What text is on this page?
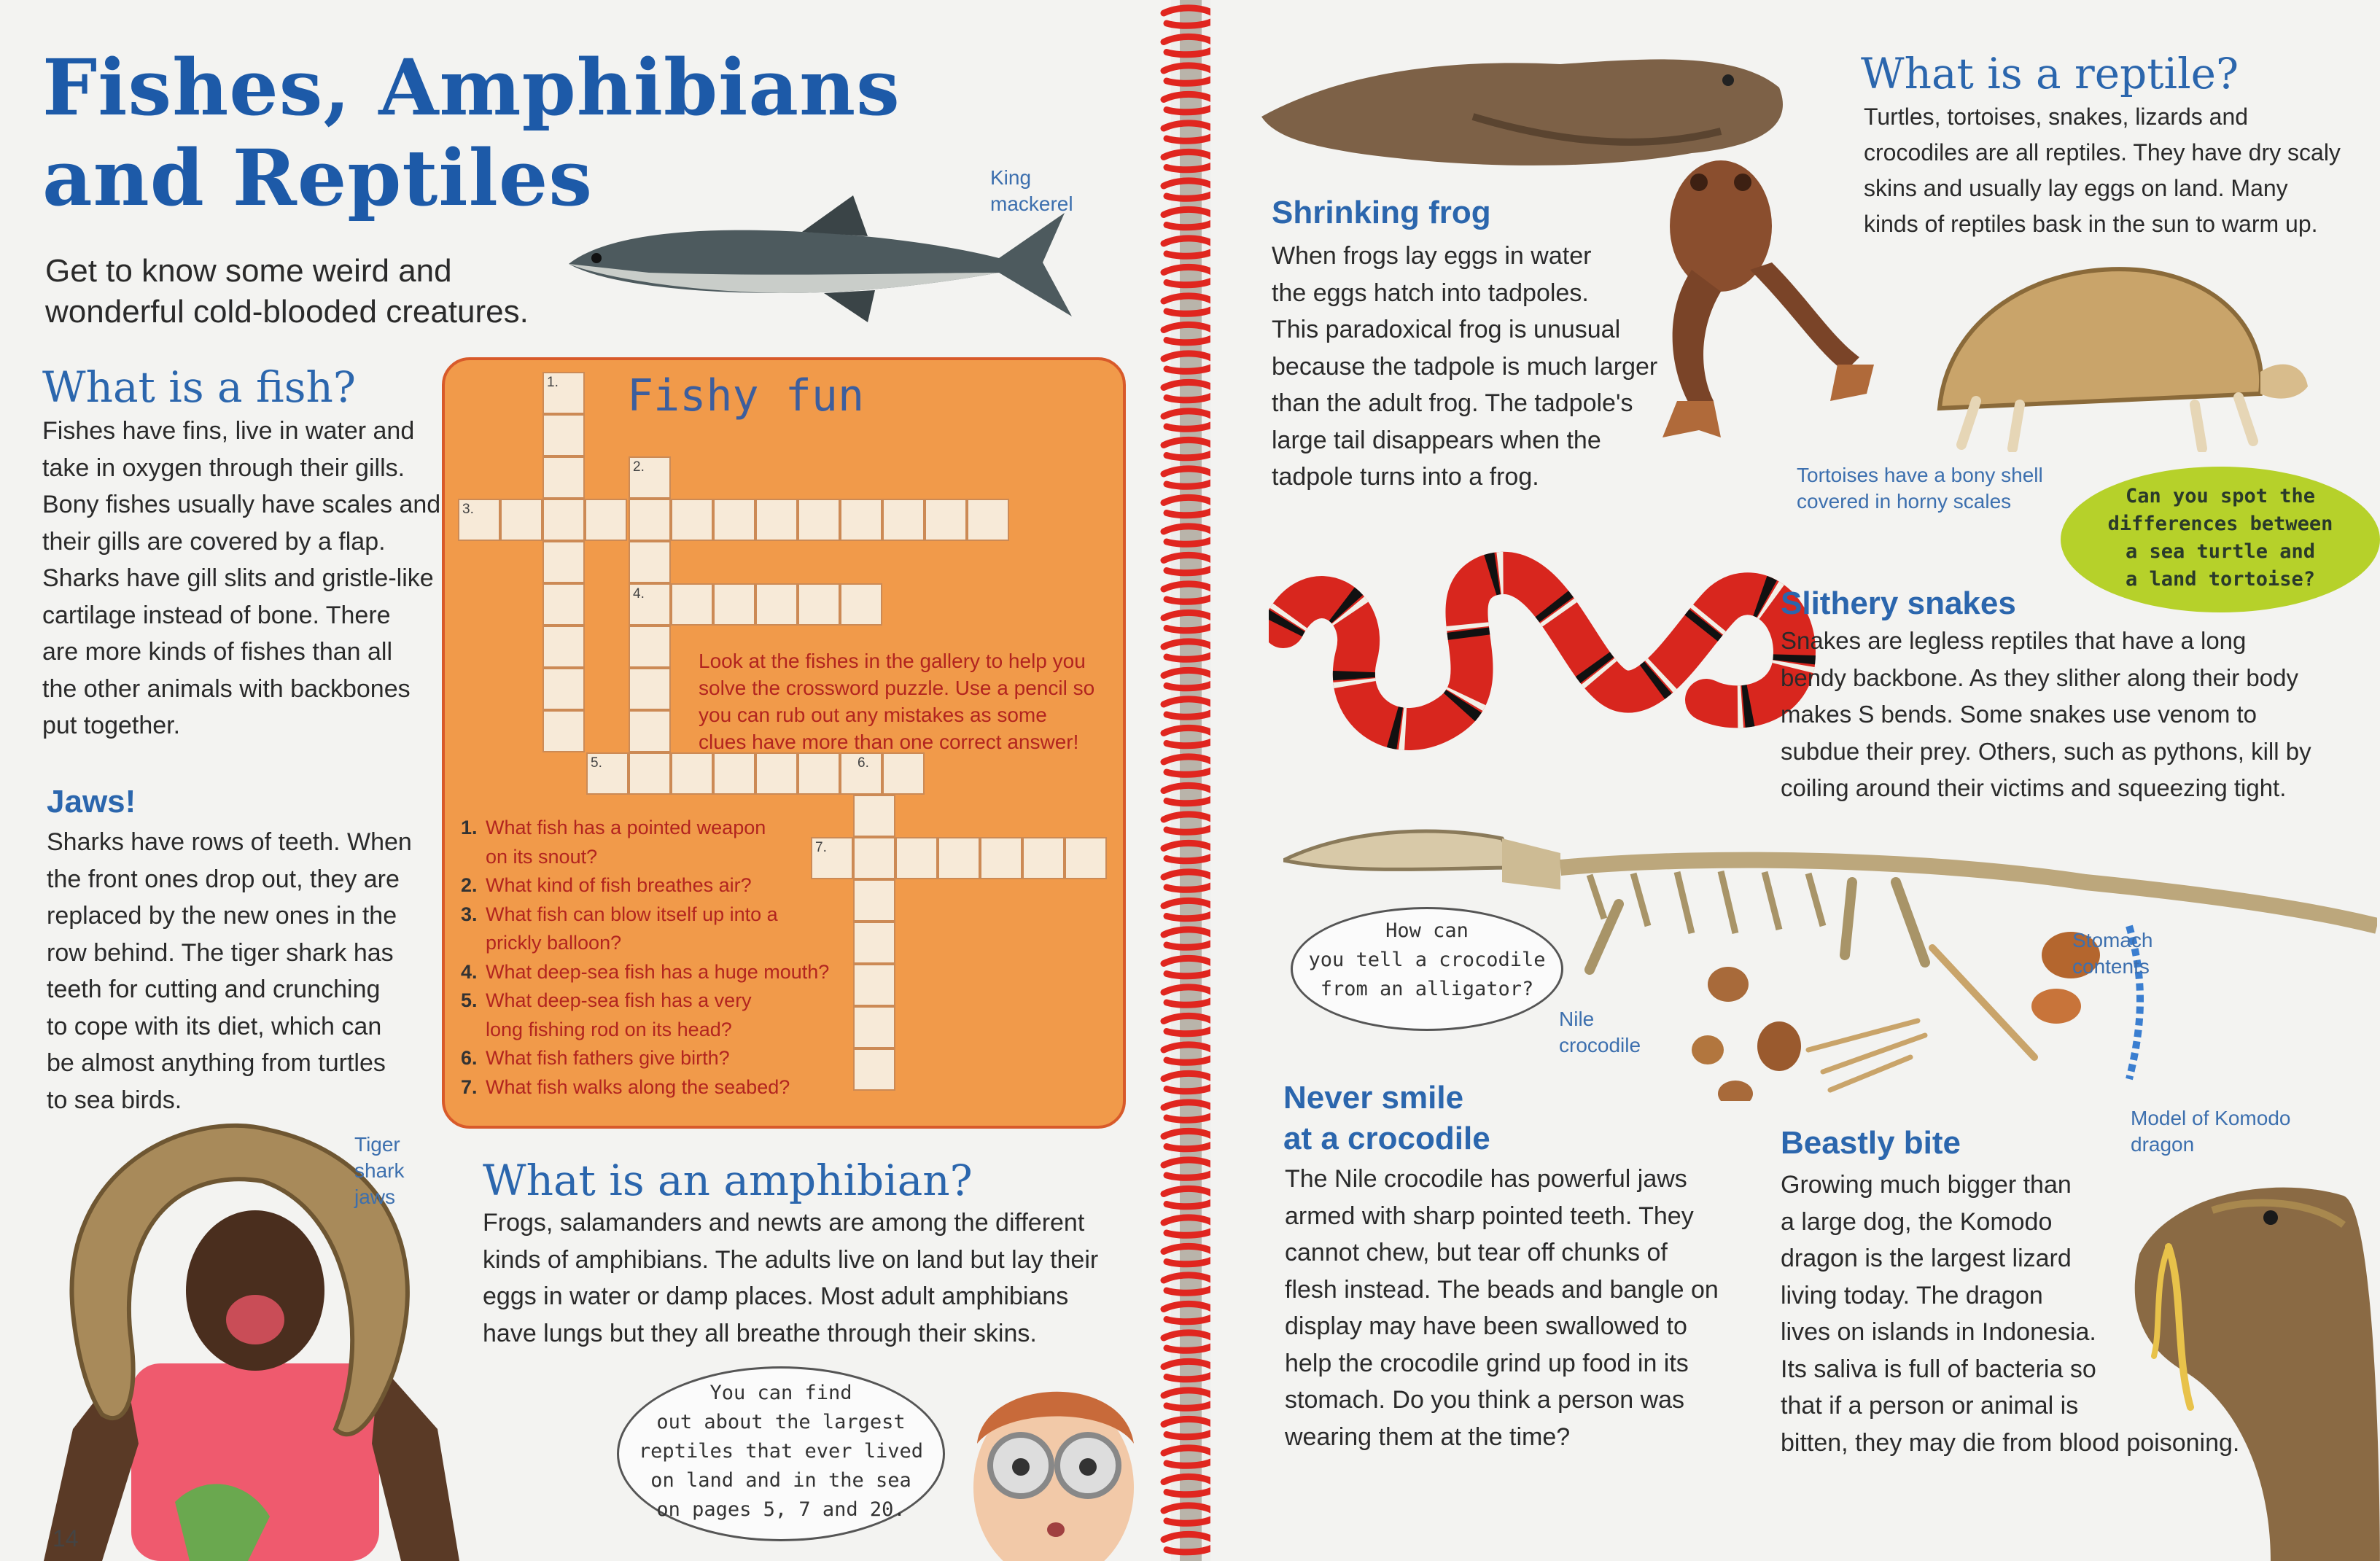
Fishes, Amphibians
and Reptiles
Get to know some weird and
wonderful cold-blooded creatures.
King
mackerel
What is a fish?
Fishes have fins, live in water and
take in oxygen through their gills.
Bony fishes usually have scales and
their gills are covered by a flap.
Sharks have gill slits and gristle-like
cartilage instead of bone. There
are more kinds of fishes than all
the other animals with backbones
put together.
Jaws!
Sharks have rows of teeth. When
the front ones drop out, they are
replaced by the new ones in the
row behind. The tiger shark has
teeth for cutting and crunching
to cope with its diet, which can
be almost anything from turtles
to sea birds.
Fishy fun
1.
2.
3.
4.
5.	6.
7.
Look at the fishes in the gallery to help you
solve the crossword puzzle. Use a pencil so
you can rub out any mistakes as some
clues have more than one correct answer!
1. What fish has a pointed weapon
on its snout?
2. What kind of fish breathes air?
3. What fish can blow itself up into a
prickly balloon?
4. What deep-sea fish has a huge mouth?
5. What deep-sea fish has a very
long fishing rod on its head?
6. What fish fathers give birth?
7. What fish walks along the seabed?
Tiger
shark
jaws
14
What is an amphibian?
Frogs, salamanders and newts are among the different
kinds of amphibians. The adults live on land but lay their
eggs in water or damp places. Most adult amphibians
have lungs but they all breathe through their skins.
You can find
out about the largest
reptiles that ever lived
on land and in the sea
on pages 5, 7 and 20.
Shrinking frog
When frogs lay eggs in water
the eggs hatch into tadpoles.
This paradoxical frog is unusual
because the tadpole is much larger
than the adult frog. The tadpole's
large tail disappears when the
tadpole turns into a frog.
What is a reptile?
Turtles, tortoises, snakes, lizards and
crocodiles are all reptiles. They have dry scaly
skins and usually lay eggs on land. Many
kinds of reptiles bask in the sun to warm up.
Tortoises have a bony shell
covered in horny scales	Can you spot the
differences between
a sea turtle and
a land tortoise?
Slithery snakes
Snakes are legless reptiles that have a long
bendy backbone. As they slither along their body
makes S bends. Some snakes use venom to
subdue their prey. Others, such as pythons, kill by
coiling around their victims and squeezing tight.
How can
you tell a crocodile
from an alligator?
Nile
crocodile
Stomach
contents
Model of Komodo
dragon
Never smile
at a crocodile
The Nile crocodile has powerful jaws
armed with sharp pointed teeth. They
cannot chew, but tear off chunks of
flesh instead. The beads and bangle on
display may have been swallowed to
help the crocodile grind up food in its
stomach. Do you think a person was
wearing them at the time?
Beastly bite
Growing much bigger than
a large dog, the Komodo
dragon is the largest lizard
living today. The dragon
lives on islands in Indonesia.
Its saliva is full of bacteria so
that if a person or animal is
bitten, they may die from blood poisoning.
